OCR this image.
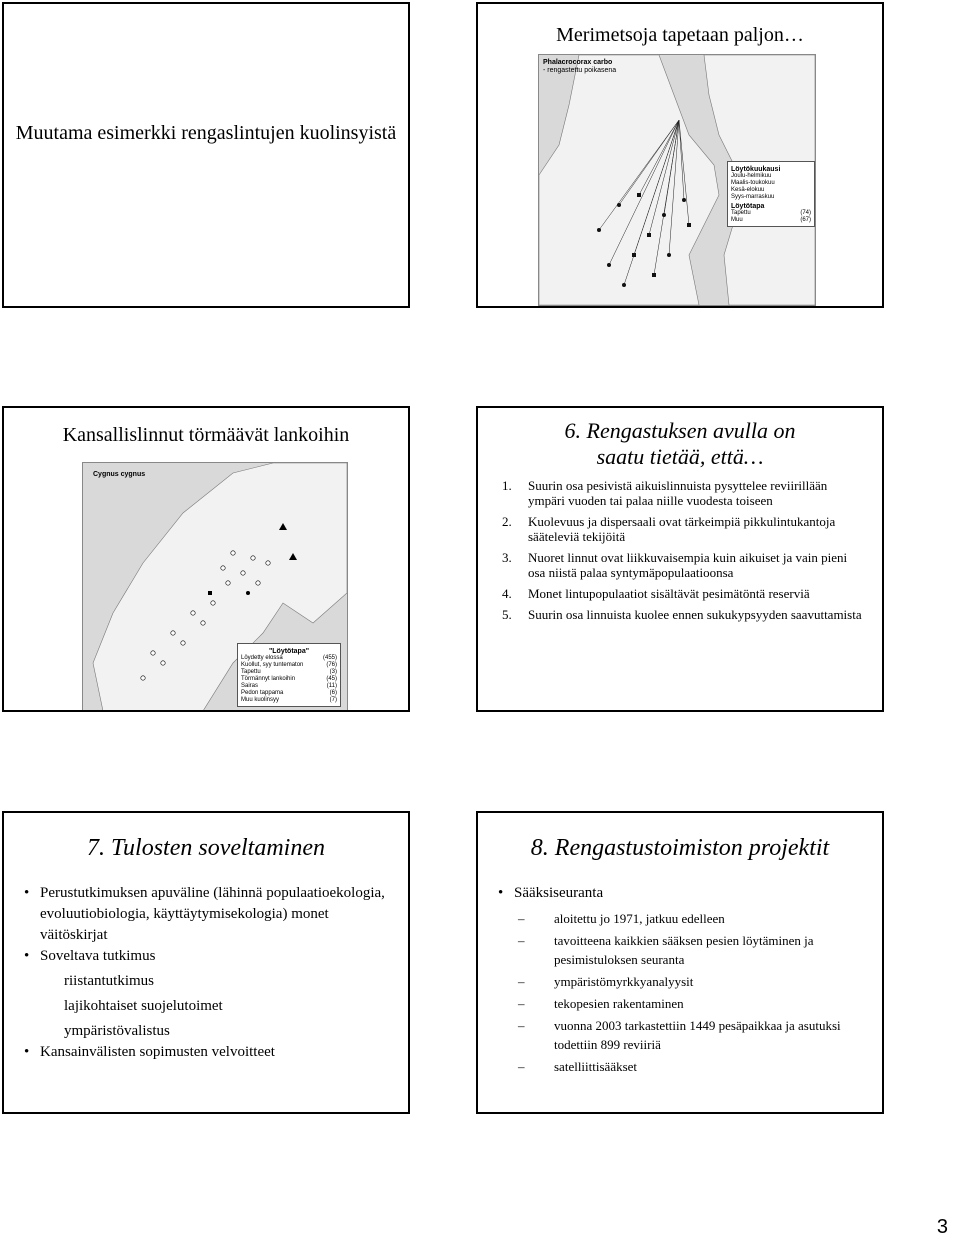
Muutama esimerkki rengaslintujen kuolinsyistä
Merimetsoja tapetaan paljon…
Phalacrocorax carbo
- rengastettu poikasena
Löytökuukausi
Joulu-helmikuu
Maalis-toukokuu
Kesä-elokuu
Syys-marraskuu
Löytötapa
Tapettu	(74)
Muu	(67)
Kansallislinnut törmäävät lankoihin
Cygnus cygnus
"Löytötapa"
Löydetty elossa	(455)
Kuollut, syy tuntematon	(76)
Tapettu	(3)
Törmännyt lankoihin	(45)
Sairas	(11)
Pedon tappama	(6)
Muu kuolinsyy	(7)
6. Rengastuksen avulla on saatu tietää, että…
1.	Suurin osa pesivistä aikuislinnuista pysyttelee reviirillään ympäri vuoden tai palaa niille vuodesta toiseen
2.	Kuolevuus ja dispersaali ovat tärkeimpiä pikkulintukantoja sääteleviä tekijöitä
3.	Nuoret linnut ovat liikkuvaisempia kuin aikuiset ja vain pieni osa niistä palaa syntymäpopulaatioonsa
4.	Monet lintupopulaatiot sisältävät pesimätöntä reserviä
5.	Suurin osa linnuista kuolee ennen sukukypsyyden saavuttamista
7. Tulosten soveltaminen
• Perustutkimuksen apuväline (lähinnä populaatioekologia, evoluutiobiologia, käyttäytymisekologia) monet väitöskirjat
• Soveltava tutkimus
riistantutkimus
lajikohtaiset suojelutoimet
ympäristövalistus
• Kansainvälisten sopimusten velvoitteet
8. Rengastustoimiston projektit
• Sääksiseuranta
–	aloitettu jo 1971, jatkuu edelleen
–	tavoitteena kaikkien sääksen pesien löytäminen ja pesimistuloksen seuranta
–	ympäristömyrkkyanalyysit
–	tekopesien rakentaminen
–	vuonna 2003 tarkastettiin 1449 pesäpaikkaa ja asutuksi todettiin 899 reviiriä
–	satelliittisääkset
3
